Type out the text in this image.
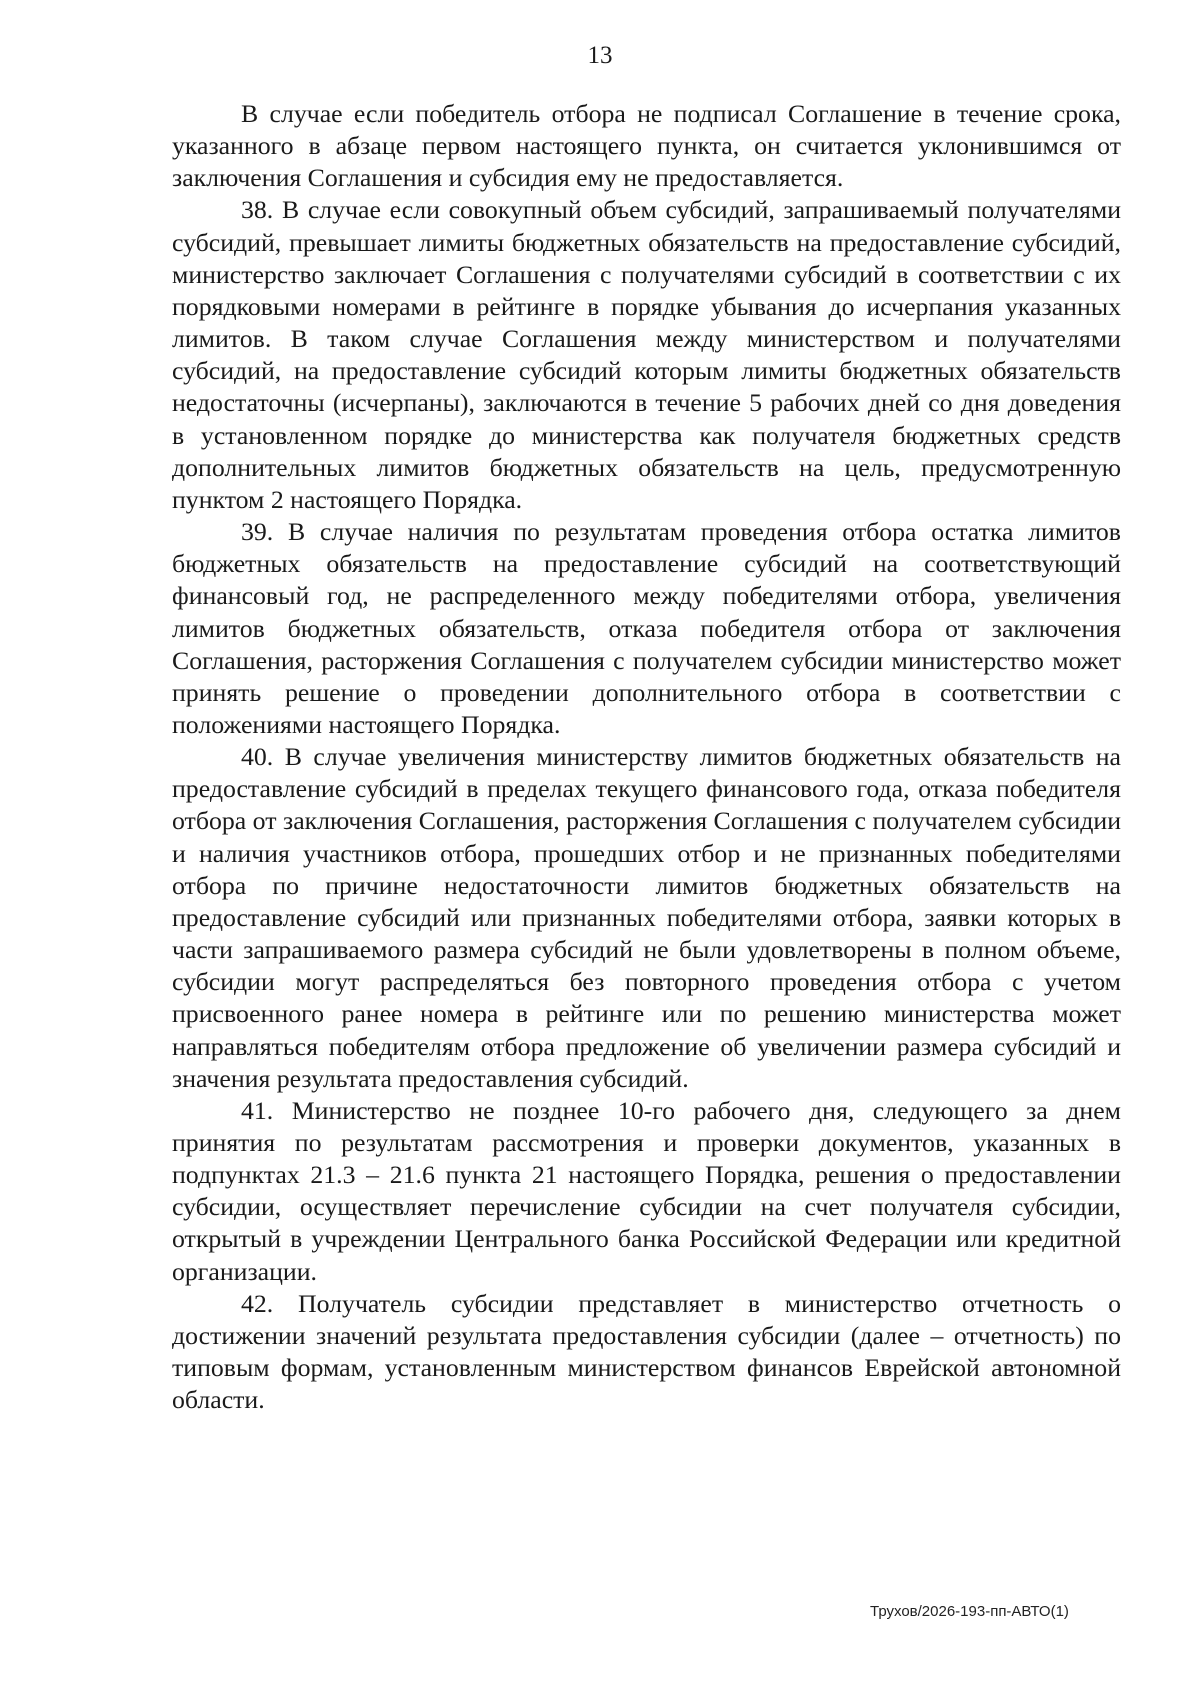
13

В случае если победитель отбора не подписал Соглашение в течение срока, указанного в абзаце первом настоящего пункта, он считается уклонившимся от заключения Соглашения и субсидия ему не предоставляется.

38. В случае если совокупный объем субсидий, запрашиваемый получателями субсидий, превышает лимиты бюджетных обязательств на предоставление субсидий, министерство заключает Соглашения с получателями субсидий в соответствии с их порядковыми номерами в рейтинге в порядке убывания до исчерпания указанных лимитов. В таком случае Соглашения между министерством и получателями субсидий, на предоставление субсидий которым лимиты бюджетных обязательств недостаточны (исчерпаны), заключаются в течение 5 рабочих дней со дня доведения в установленном порядке до министерства как получателя бюджетных средств дополнительных лимитов бюджетных обязательств на цель, предусмотренную пунктом 2 настоящего Порядка.

39. В случае наличия по результатам проведения отбора остатка лимитов бюджетных обязательств на предоставление субсидий на соответствующий финансовый год, не распределенного между победителями отбора, увеличения лимитов бюджетных обязательств, отказа победителя отбора от заключения Соглашения, расторжения Соглашения с получателем субсидии министерство может принять решение о проведении дополнительного отбора в соответствии с положениями настоящего Порядка.

40. В случае увеличения министерству лимитов бюджетных обязательств на предоставление субсидий в пределах текущего финансового года, отказа победителя отбора от заключения Соглашения, расторжения Соглашения с получателем субсидии и наличия участников отбора, прошедших отбор и не признанных победителями отбора по причине недостаточности лимитов бюджетных обязательств на предоставление субсидий или признанных победителями отбора, заявки которых в части запрашиваемого размера субсидий не были удовлетворены в полном объеме, субсидии могут распределяться без повторного проведения отбора с учетом присвоенного ранее номера в рейтинге или по решению министерства может направляться победителям отбора предложение об увеличении размера субсидий и значения результата предоставления субсидий.

41. Министерство не позднее 10-го рабочего дня, следующего за днем принятия по результатам рассмотрения и проверки документов, указанных в подпунктах 21.3 – 21.6 пункта 21 настоящего Порядка, решения о предоставлении субсидии, осуществляет перечисление субсидии на счет получателя субсидии, открытый в учреждении Центрального банка Российской Федерации или кредитной организации.

42. Получатель субсидии представляет в министерство отчетность о достижении значений результата предоставления субсидии (далее – отчетность) по типовым формам, установленным министерством финансов Еврейской автономной области.

Трухов/2026-193-пп-АВТО(1)
